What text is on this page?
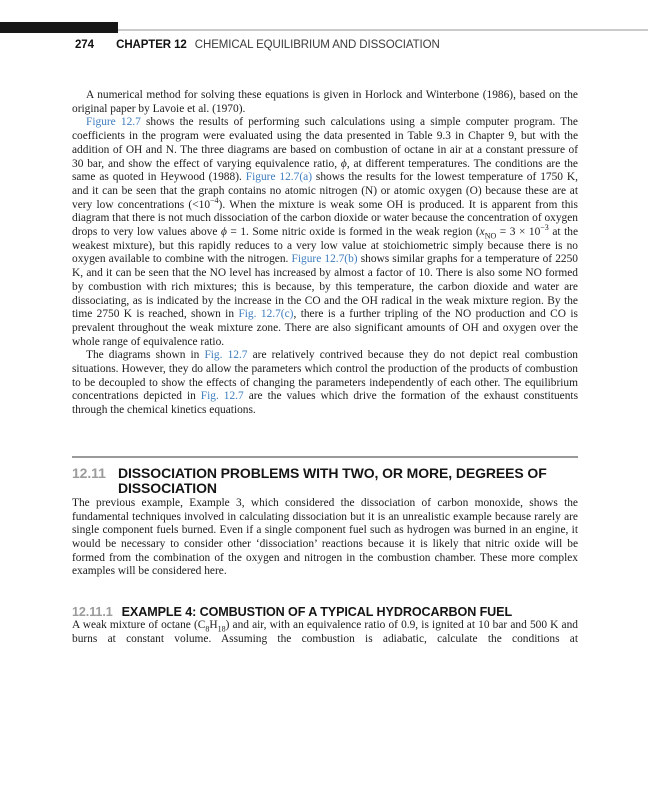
274 CHAPTER 12 CHEMICAL EQUILIBRIUM AND DISSOCIATION

A numerical method for solving these equations is given in Horlock and Winterbone (1986), based on the original paper by Lavoie et al. (1970).

Figure 12.7 shows the results of performing such calculations using a simple computer program. The coefficients in the program were evaluated using the data presented in Table 9.3 in Chapter 9, but with the addition of OH and N. The three diagrams are based on combustion of octane in air at a constant pressure of 30 bar, and show the effect of varying equivalence ratio, ϕ, at different temperatures. The conditions are the same as quoted in Heywood (1988). Figure 12.7(a) shows the results for the lowest temperature of 1750 K, and it can be seen that the graph contains no atomic nitrogen (N) or atomic oxygen (O) because these are at very low concentrations $(<10^{-4})$. When the mixture is weak some OH is produced. It is apparent from this diagram that there is not much dissociation of the carbon dioxide or water because the concentration of oxygen drops to very low values above ϕ = 1. Some nitric oxide is formed in the weak region ($x_{NO} = 3 \times 10^{-3}$ at the weakest mixture), but this rapidly reduces to a very low value at stoichiometric simply because there is no oxygen available to combine with the nitrogen. Figure 12.7(b) shows similar graphs for a temperature of 2250 K, and it can be seen that the NO level has increased by almost a factor of 10. There is also some NO formed by combustion with rich mixtures; this is because, by this temperature, the carbon dioxide and water are dissociating, as is indicated by the increase in the CO and the OH radical in the weak mixture region. By the time 2750 K is reached, shown in Fig. 12.7(c), there is a further tripling of the NO production and CO is prevalent throughout the weak mixture zone. There are also significant amounts of OH and oxygen over the whole range of equivalence ratio.

The diagrams shown in Fig. 12.7 are relatively contrived because they do not depict real combustion situations. However, they do allow the parameters which control the production of the products of combustion to be decoupled to show the effects of changing the parameters independently of each other. The equilibrium concentrations depicted in Fig. 12.7 are the values which drive the formation of the exhaust constituents through the chemical kinetics equations.

12.11 DISSOCIATION PROBLEMS WITH TWO, OR MORE, DEGREES OF DISSOCIATION

The previous example, Example 3, which considered the dissociation of carbon monoxide, shows the fundamental techniques involved in calculating dissociation but it is an unrealistic example because rarely are single component fuels burned. Even if a single component fuel such as hydrogen was burned in an engine, it would be necessary to consider other ‘dissociation’ reactions because it is likely that nitric oxide will be formed from the combination of the oxygen and nitrogen in the combustion chamber. These more complex examples will be considered here.

12.11.1 EXAMPLE 4: COMBUSTION OF A TYPICAL HYDROCARBON FUEL

A weak mixture of octane $(C_8H_{18})$ and air, with an equivalence ratio of 0.9, is ignited at 10 bar and 500 K and burns at constant volume. Assuming the combustion is adiabatic, calculate the conditions at
